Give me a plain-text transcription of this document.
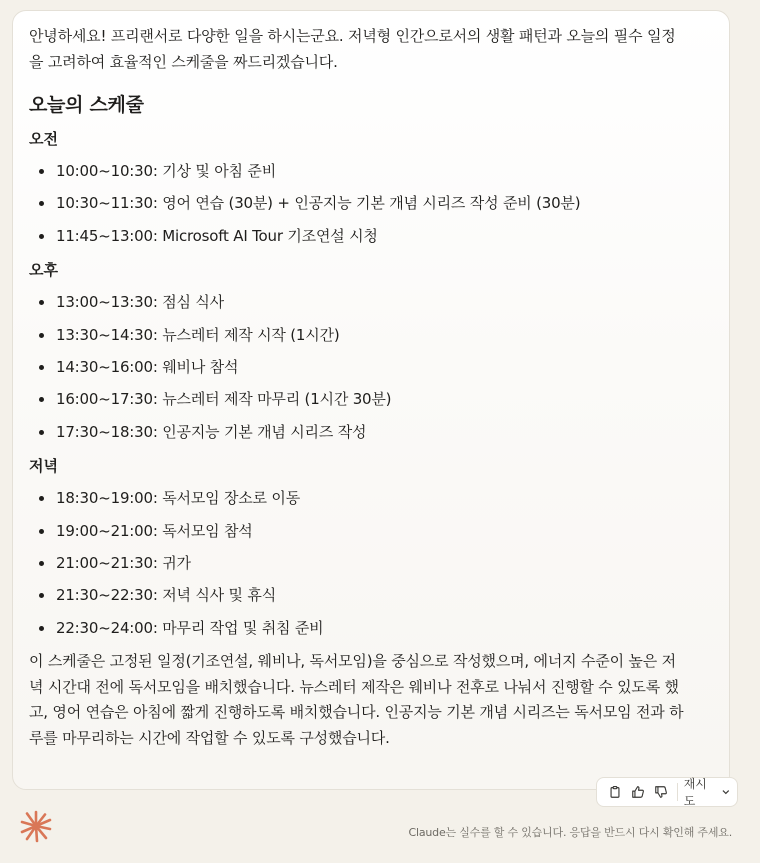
안녕하세요! 프리랜서로 다양한 일을 하시는군요. 저녁형 인간으로서의 생활 패턴과 오늘의 필수 일정을 고려하여 효율적인 스케줄을 짜드리겠습니다.

오늘의 스케줄
오전
10:00~10:30: 기상 및 아침 준비
10:30~11:30: 영어 연습 (30분) + 인공지능 기본 개념 시리즈 작성 준비 (30분)
11:45~13:00: Microsoft AI Tour 기조연설 시청
오후
13:00~13:30: 점심 식사
13:30~14:30: 뉴스레터 제작 시작 (1시간)
14:30~16:00: 웨비나 참석
16:00~17:30: 뉴스레터 제작 마무리 (1시간 30분)
17:30~18:30: 인공지능 기본 개념 시리즈 작성
저녁
18:30~19:00: 독서모임 장소로 이동
19:00~21:00: 독서모임 참석
21:00~21:30: 귀가
21:30~22:30: 저녁 식사 및 휴식
22:30~24:00: 마무리 작업 및 취침 준비

이 스케줄은 고정된 일정(기조연설, 웨비나, 독서모임)을 중심으로 작성했으며, 에너지 수준이 높은 저녁 시간대 전에 독서모임을 배치했습니다. 뉴스레터 제작은 웨비나 전후로 나눠서 진행할 수 있도록 했고, 영어 연습은 아침에 짧게 진행하도록 배치했습니다. 인공지능 기본 개념 시리즈는 독서모임 전과 하루를 마무리하는 시간에 작업할 수 있도록 구성했습니다.

재시도
Claude는 실수를 할 수 있습니다. 응답을 반드시 다시 확인해 주세요.
